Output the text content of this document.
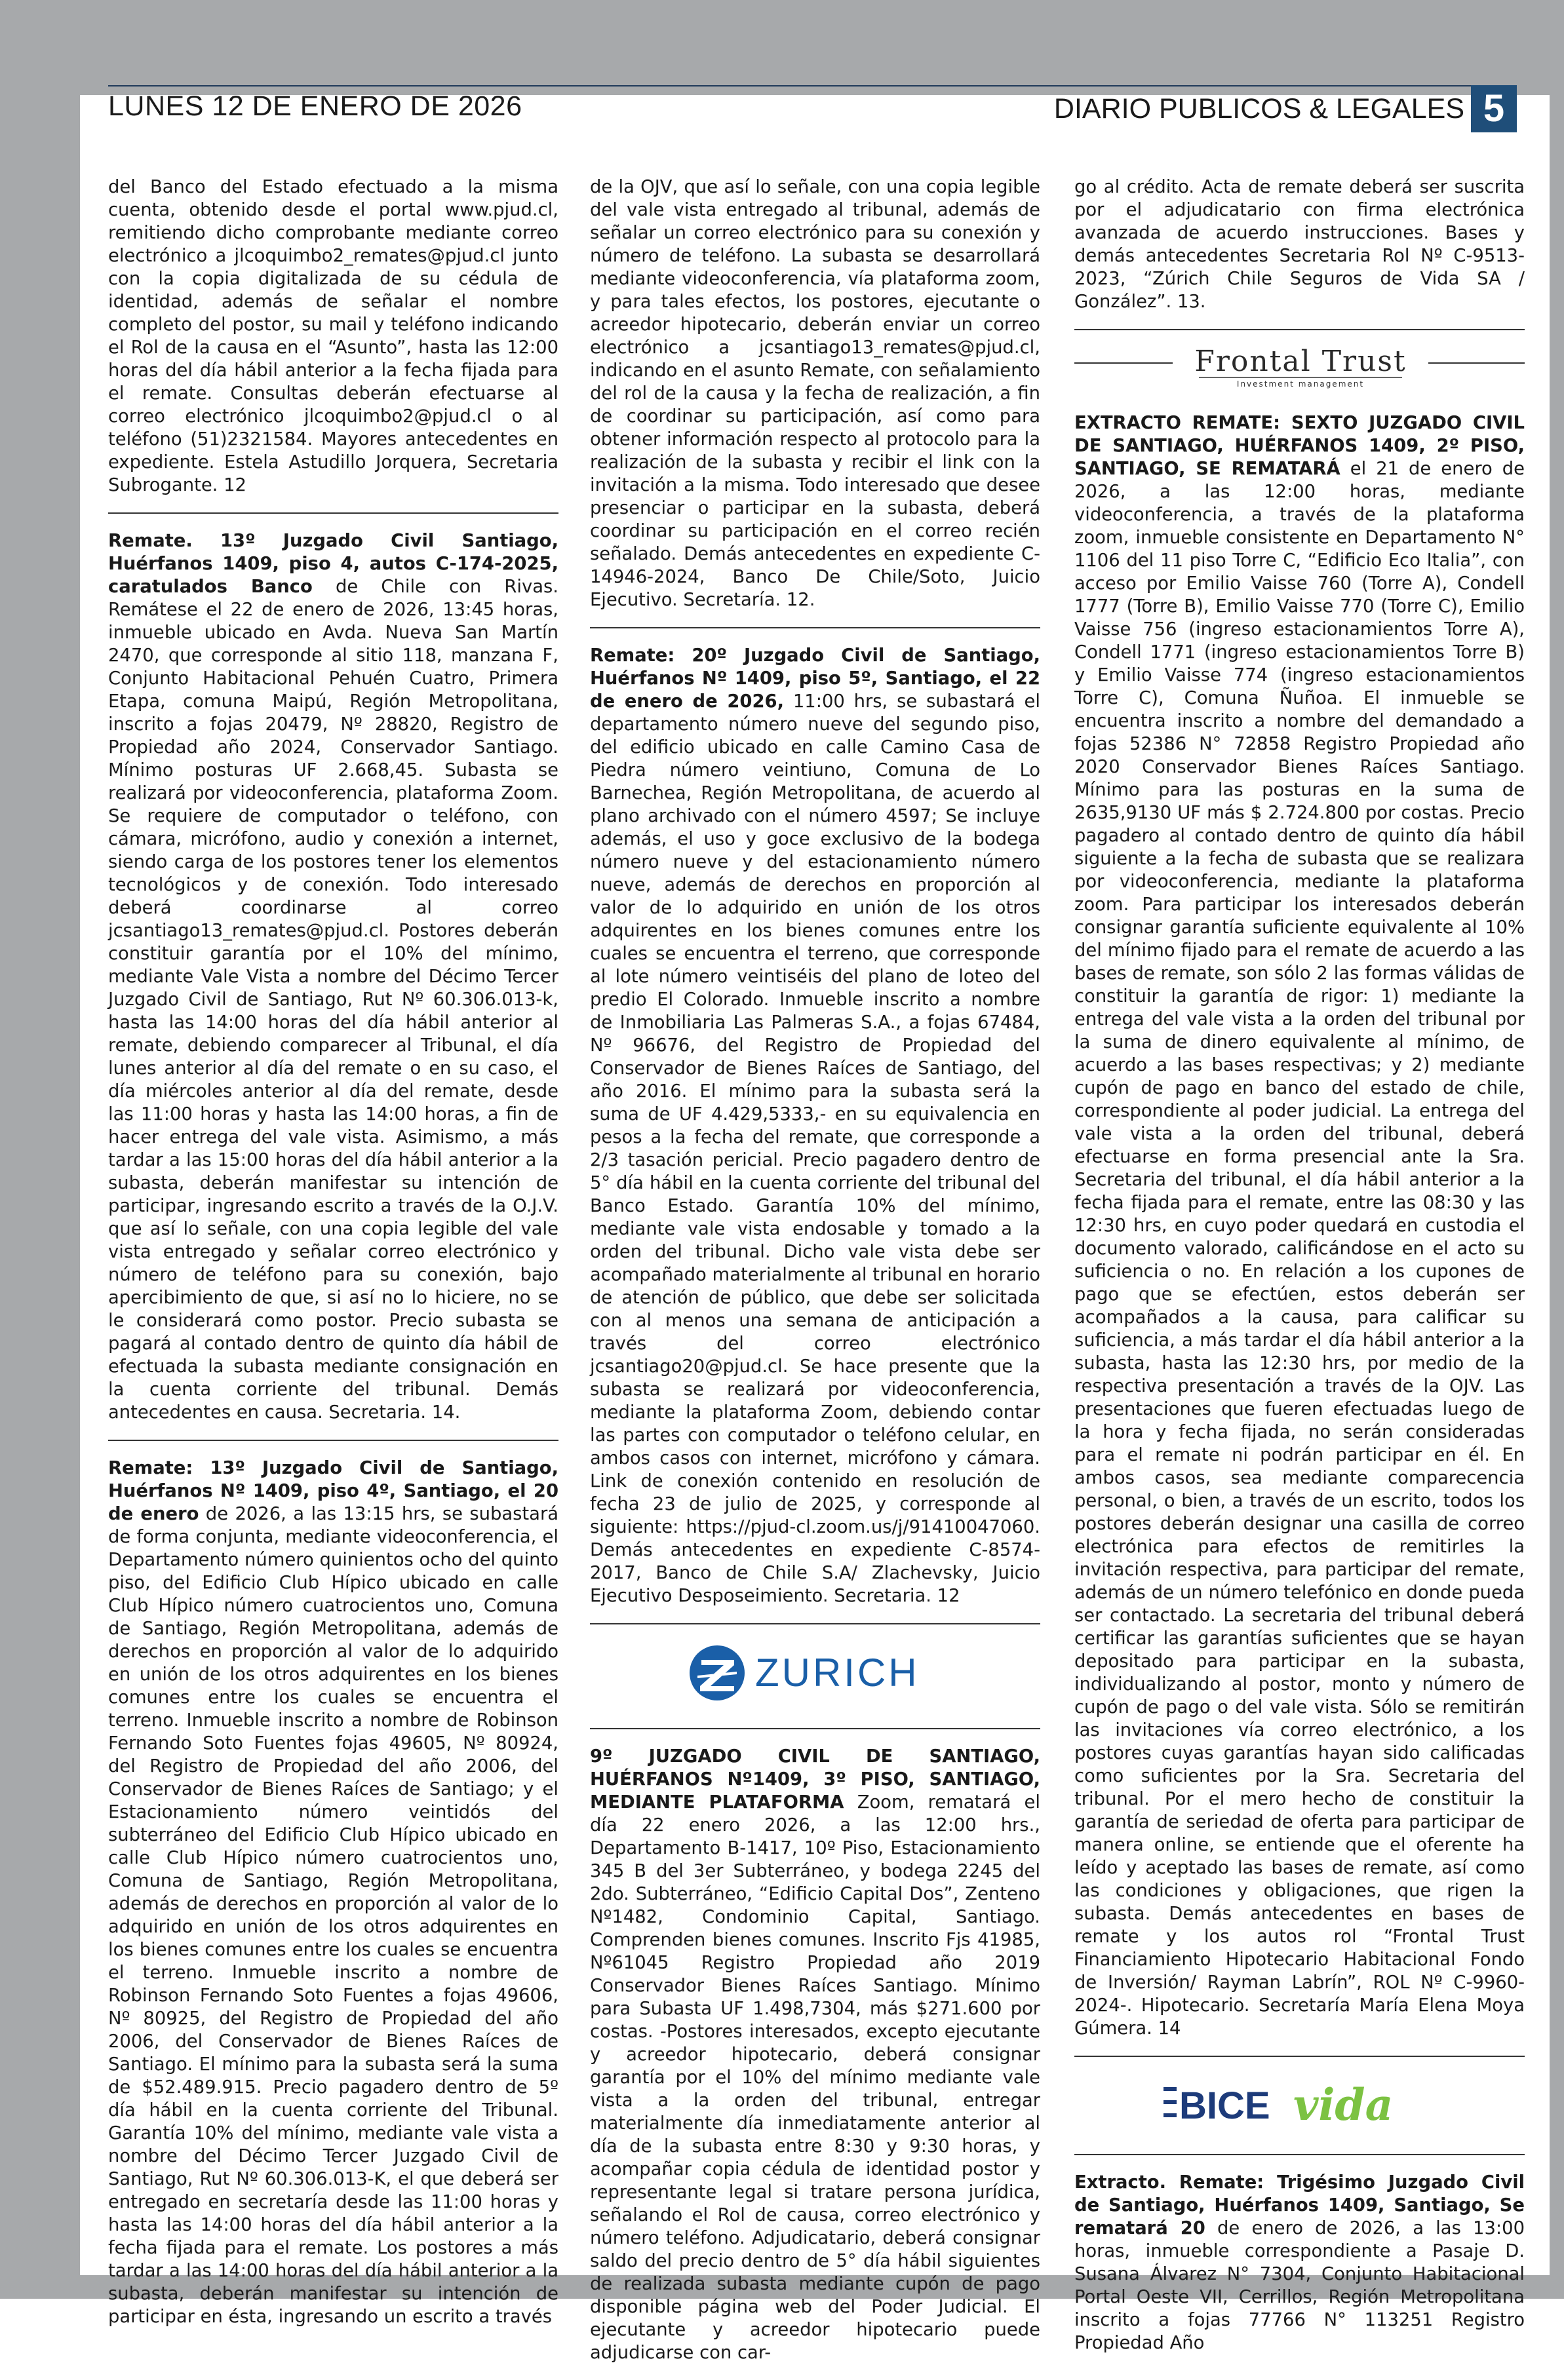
LUNES 12 DE ENERO DE 2026	DIARIO PUBLICOS & LEGALES 5

del Banco del Estado efectuado a la misma cuenta, obtenido desde el portal www.pjud.cl, remitiendo dicho comprobante mediante correo electrónico a jlcoquimbo2_remates@pjud.cl junto con la copia digitalizada de su cédula de identidad, además de señalar el nombre completo del postor, su mail y teléfono indicando el Rol de la causa en el “Asunto”, hasta las 12:00 horas del día hábil anterior a la fecha fijada para el remate. Consultas deberán efectuarse al correo electrónico jlcoquimbo2@pjud.cl o al teléfono (51)2321584. Mayores antecedentes en expediente. Estela Astudillo Jorquera, Secretaria Subrogante. 12

Remate. 13º Juzgado Civil Santiago, Huérfanos 1409, piso 4, autos C-174-2025, caratulados Banco de Chile con Rivas. Remátese el 22 de enero de 2026, 13:45 horas, inmueble ubicado en Avda. Nueva San Martín 2470, que corresponde al sitio 118, manzana F, Conjunto Habitacional Pehuén Cuatro, Primera Etapa, comuna Maipú, Región Metropolitana, inscrito a fojas 20479, Nº 28820, Registro de Propiedad año 2024, Conservador Santiago. Mínimo posturas UF 2.668,45. Subasta se realizará por videoconferencia, plataforma Zoom. Se requiere de computador o teléfono, con cámara, micrófono, audio y conexión a internet, siendo carga de los postores tener los elementos tecnológicos y de conexión. Todo interesado deberá coordinarse al correo jcsantiago13_remates@pjud.cl. Postores deberán constituir garantía por el 10% del mínimo, mediante Vale Vista a nombre del Décimo Tercer Juzgado Civil de Santiago, Rut Nº 60.306.013-k, hasta las 14:00 horas del día hábil anterior al remate, debiendo comparecer al Tribunal, el día lunes anterior al día del remate o en su caso, el día miércoles anterior al día del remate, desde las 11:00 horas y hasta las 14:00 horas, a fin de hacer entrega del vale vista. Asimismo, a más tardar a las 15:00 horas del día hábil anterior a la subasta, deberán manifestar su intención de participar, ingresando escrito a través de la O.J.V. que así lo señale, con una copia legible del vale vista entregado y señalar correo electrónico y número de teléfono para su conexión, bajo apercibimiento de que, si así no lo hiciere, no se le considerará como postor. Precio subasta se pagará al contado dentro de quinto día hábil de efectuada la subasta mediante consignación en la cuenta corriente del tribunal. Demás antecedentes en causa. Secretaria. 14.

Remate: 13º Juzgado Civil de Santiago, Huérfanos Nº 1409, piso 4º, Santiago, el 20 de enero de 2026, a las 13:15 hrs, se subastará de forma conjunta, mediante videoconferencia, el Departamento número quinientos ocho del quinto piso, del Edificio Club Hípico ubicado en calle Club Hípico número cuatrocientos uno, Comuna de Santiago, Región Metropolitana, además de derechos en proporción al valor de lo adquirido en unión de los otros adquirentes en los bienes comunes entre los cuales se encuentra el terreno. Inmueble inscrito a nombre de Robinson Fernando Soto Fuentes fojas 49605, Nº 80924, del Registro de Propiedad del año 2006, del Conservador de Bienes Raíces de Santiago; y el Estacionamiento número veintidós del subterráneo del Edificio Club Hípico ubicado en calle Club Hípico número cuatrocientos uno, Comuna de Santiago, Región Metropolitana, además de derechos en proporción al valor de lo adquirido en unión de los otros adquirentes en los bienes comunes entre los cuales se encuentra el terreno. Inmueble inscrito a nombre de Robinson Fernando Soto Fuentes a fojas 49606, Nº 80925, del Registro de Propiedad del año 2006, del Conservador de Bienes Raíces de Santiago. El mínimo para la subasta será la suma de $52.489.915. Precio pagadero dentro de 5º día hábil en la cuenta corriente del Tribunal. Garantía 10% del mínimo, mediante vale vista a nombre del Décimo Tercer Juzgado Civil de Santiago, Rut Nº 60.306.013-K, el que deberá ser entregado en secretaría desde las 11:00 horas y hasta las 14:00 horas del día hábil anterior a la fecha fijada para el remate. Los postores a más tardar a las 14:00 horas del día hábil anterior a la subasta, deberán manifestar su intención de participar en ésta, ingresando un escrito a través

de la OJV, que así lo señale, con una copia legible del vale vista entregado al tribunal, además de señalar un correo electrónico para su conexión y número de teléfono. La subasta se desarrollará mediante videoconferencia, vía plataforma zoom, y para tales efectos, los postores, ejecutante o acreedor hipotecario, deberán enviar un correo electrónico a jcsantiago13_remates@pjud.cl, indicando en el asunto Remate, con señalamiento del rol de la causa y la fecha de realización, a fin de coordinar su participación, así como para obtener información respecto al protocolo para la realización de la subasta y recibir el link con la invitación a la misma. Todo interesado que desee presenciar o participar en la subasta, deberá coordinar su participación en el correo recién señalado. Demás antecedentes en expediente C-14946-2024, Banco De Chile/Soto, Juicio Ejecutivo. Secretaría. 12.

Remate: 20º Juzgado Civil de Santiago, Huérfanos Nº 1409, piso 5º, Santiago, el 22 de enero de 2026, 11:00 hrs, se subastará el departamento número nueve del segundo piso, del edificio ubicado en calle Camino Casa de Piedra número veintiuno, Comuna de Lo Barnechea, Región Metropolitana, de acuerdo al plano archivado con el número 4597; Se incluye además, el uso y goce exclusivo de la bodega número nueve y del estacionamiento número nueve, además de derechos en proporción al valor de lo adquirido en unión de los otros adquirentes en los bienes comunes entre los cuales se encuentra el terreno, que corresponde al lote número veintiséis del plano de loteo del predio El Colorado. Inmueble inscrito a nombre de Inmobiliaria Las Palmeras S.A., a fojas 67484, Nº 96676, del Registro de Propiedad del Conservador de Bienes Raíces de Santiago, del año 2016. El mínimo para la subasta será la suma de UF 4.429,5333,- en su equivalencia en pesos a la fecha del remate, que corresponde a 2/3 tasación pericial. Precio pagadero dentro de 5° día hábil en la cuenta corriente del tribunal del Banco Estado. Garantía 10% del mínimo, mediante vale vista endosable y tomado a la orden del tribunal. Dicho vale vista debe ser acompañado materialmente al tribunal en horario de atención de público, que debe ser solicitada con al menos una semana de anticipación a través del correo electrónico jcsantiago20@pjud.cl. Se hace presente que la subasta se realizará por videoconferencia, mediante la plataforma Zoom, debiendo contar las partes con computador o teléfono celular, en ambos casos con internet, micrófono y cámara. Link de conexión contenido en resolución de fecha 23 de julio de 2025, y corresponde al siguiente: https://pjud-cl.zoom.us/j/91410047060. Demás antecedentes en expediente C-8574-2017, Banco de Chile S.A/ Zlachevsky, Juicio Ejecutivo Desposeimiento. Secretaria. 12

ZURICH

9º JUZGADO CIVIL DE SANTIAGO, HUÉRFANOS Nº1409, 3º PISO, SANTIAGO, MEDIANTE PLATAFORMA Zoom, rematará el día 22 enero 2026, a las 12:00 hrs., Departamento B-1417, 10º Piso, Estacionamiento 345 B del 3er Subterráneo, y bodega 2245 del 2do. Subterráneo, “Edificio Capital Dos”, Zenteno Nº1482, Condominio Capital, Santiago. Comprenden bienes comunes. Inscrito Fjs 41985, Nº61045 Registro Propiedad año 2019 Conservador Bienes Raíces Santiago. Mínimo para Subasta UF 1.498,7304, más $271.600 por costas. -Postores interesados, excepto ejecutante y acreedor hipotecario, deberá consignar garantía por el 10% del mínimo mediante vale vista a la orden del tribunal, entregar materialmente día inmediatamente anterior al día de la subasta entre 8:30 y 9:30 horas, y acompañar copia cédula de identidad postor y representante legal si tratare persona jurídica, señalando el Rol de causa, correo electrónico y número teléfono. Adjudicatario, deberá consignar saldo del precio dentro de 5° día hábil siguientes de realizada subasta mediante cupón de pago disponible página web del Poder Judicial. El ejecutante y acreedor hipotecario puede adjudicarse con car-

go al crédito. Acta de remate deberá ser suscrita por el adjudicatario con firma electrónica avanzada de acuerdo instrucciones. Bases y demás antecedentes Secretaria Rol Nº C-9513-2023, “Zúrich Chile Seguros de Vida SA / González”. 13.

Frontal Trust
Investment management

EXTRACTO REMATE: SEXTO JUZGADO CIVIL DE SANTIAGO, HUÉRFANOS 1409, 2º PISO, SANTIAGO, SE REMATARÁ el 21 de enero de 2026, a las 12:00 horas, mediante videoconferencia, a través de la plataforma zoom, inmueble consistente en Departamento N° 1106 del 11 piso Torre C, “Edificio Eco Italia”, con acceso por Emilio Vaisse 760 (Torre A), Condell 1777 (Torre B), Emilio Vaisse 770 (Torre C), Emilio Vaisse 756 (ingreso estacionamientos Torre A), Condell 1771 (ingreso estacionamientos Torre B) y Emilio Vaisse 774 (ingreso estacionamientos Torre C), Comuna Ñuñoa. El inmueble se encuentra inscrito a nombre del demandado a fojas 52386 N° 72858 Registro Propiedad año 2020 Conservador Bienes Raíces Santiago. Mínimo para las posturas en la suma de 2635,9130 UF más $ 2.724.800 por costas. Precio pagadero al contado dentro de quinto día hábil siguiente a la fecha de subasta que se realizara por videoconferencia, mediante la plataforma zoom. Para participar los interesados deberán consignar garantía suficiente equivalente al 10% del mínimo fijado para el remate de acuerdo a las bases de remate, son sólo 2 las formas válidas de constituir la garantía de rigor: 1) mediante la entrega del vale vista a la orden del tribunal por la suma de dinero equivalente al mínimo, de acuerdo a las bases respectivas; y 2) mediante cupón de pago en banco del estado de chile, correspondiente al poder judicial. La entrega del vale vista a la orden del tribunal, deberá efectuarse en forma presencial ante la Sra. Secretaria del tribunal, el día hábil anterior a la fecha fijada para el remate, entre las 08:30 y las 12:30 hrs, en cuyo poder quedará en custodia el documento valorado, calificándose en el acto su suficiencia o no. En relación a los cupones de pago que se efectúen, estos deberán ser acompañados a la causa, para calificar su suficiencia, a más tardar el día hábil anterior a la subasta, hasta las 12:30 hrs, por medio de la respectiva presentación a través de la OJV. Las presentaciones que fueren efectuadas luego de la hora y fecha fijada, no serán consideradas para el remate ni podrán participar en él. En ambos casos, sea mediante comparecencia personal, o bien, a través de un escrito, todos los postores deberán designar una casilla de correo electrónica para efectos de remitirles la invitación respectiva, para participar del remate, además de un número telefónico en donde pueda ser contactado. La secretaria del tribunal deberá certificar las garantías suficientes que se hayan depositado para participar en la subasta, individualizando al postor, monto y número de cupón de pago o del vale vista. Sólo se remitirán las invitaciones vía correo electrónico, a los postores cuyas garantías hayan sido calificadas como suficientes por la Sra. Secretaria del tribunal. Por el mero hecho de constituir la garantía de seriedad de oferta para participar de manera online, se entiende que el oferente ha leído y aceptado las bases de remate, así como las condiciones y obligaciones, que rigen la subasta. Demás antecedentes en bases de remate y los autos rol “Frontal Trust Financiamiento Hipotecario Habitacional Fondo de Inversión/ Rayman Labrín”, ROL Nº C-9960-2024-. Hipotecario. Secretaría María Elena Moya Gúmera. 14

BICE vida

Extracto. Remate: Trigésimo Juzgado Civil de Santiago, Huérfanos 1409, Santiago, Se rematará 20 de enero de 2026, a las 13:00 horas, inmueble correspondiente a Pasaje D. Susana Álvarez N° 7304, Conjunto Habitacional Portal Oeste VII, Cerrillos, Región Metropolitana inscrito a fojas 77766 N° 113251 Registro Propiedad Año
